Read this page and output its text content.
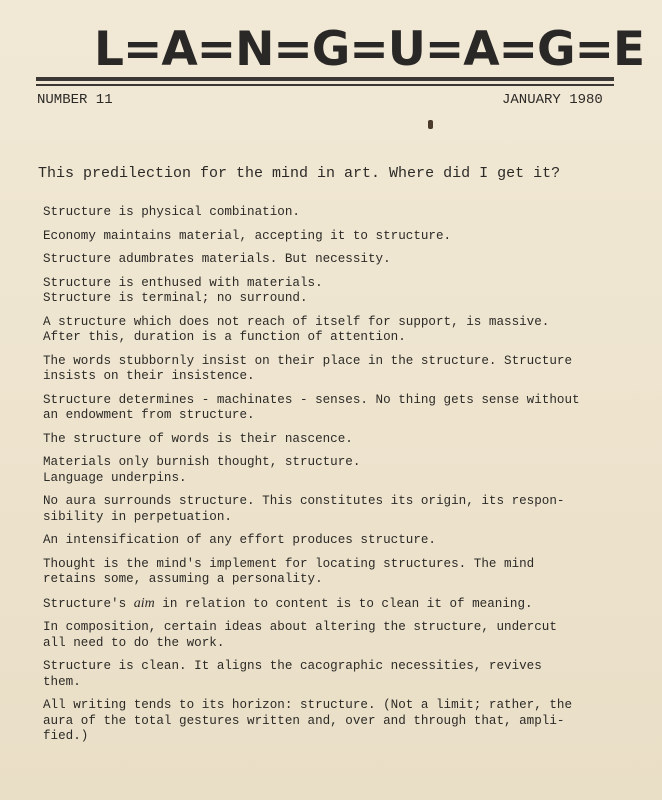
L=A=N=G=U=A=G=E
NUMBER 11	JANUARY 1980
This predilection for the mind in art. Where did I get it?

Structure is physical combination.

Economy maintains material, accepting it to structure.

Structure adumbrates materials. But necessity.

Structure is enthused with materials.
Structure is terminal; no surround.

A structure which does not reach of itself for support, is massive.
After this, duration is a function of attention.

The words stubbornly insist on their place in the structure. Structure
insists on their insistence.

Structure determines - machinates - senses. No thing gets sense without
an endowment from structure.

The structure of words is their nascence.

Materials only burnish thought, structure.
Language underpins.

No aura surrounds structure. This constitutes its origin, its respon-
sibility in perpetuation.

An intensification of any effort produces structure.

Thought is the mind's implement for locating structures. The mind
retains some, assuming a personality.

Structure's aim in relation to content is to clean it of meaning.

In composition, certain ideas about altering the structure, undercut
all need to do the work.

Structure is clean. It aligns the cacographic necessities, revives
them.

All writing tends to its horizon: structure. (Not a limit; rather, the
aura of the total gestures written and, over and through that, ampli-
fied.)
